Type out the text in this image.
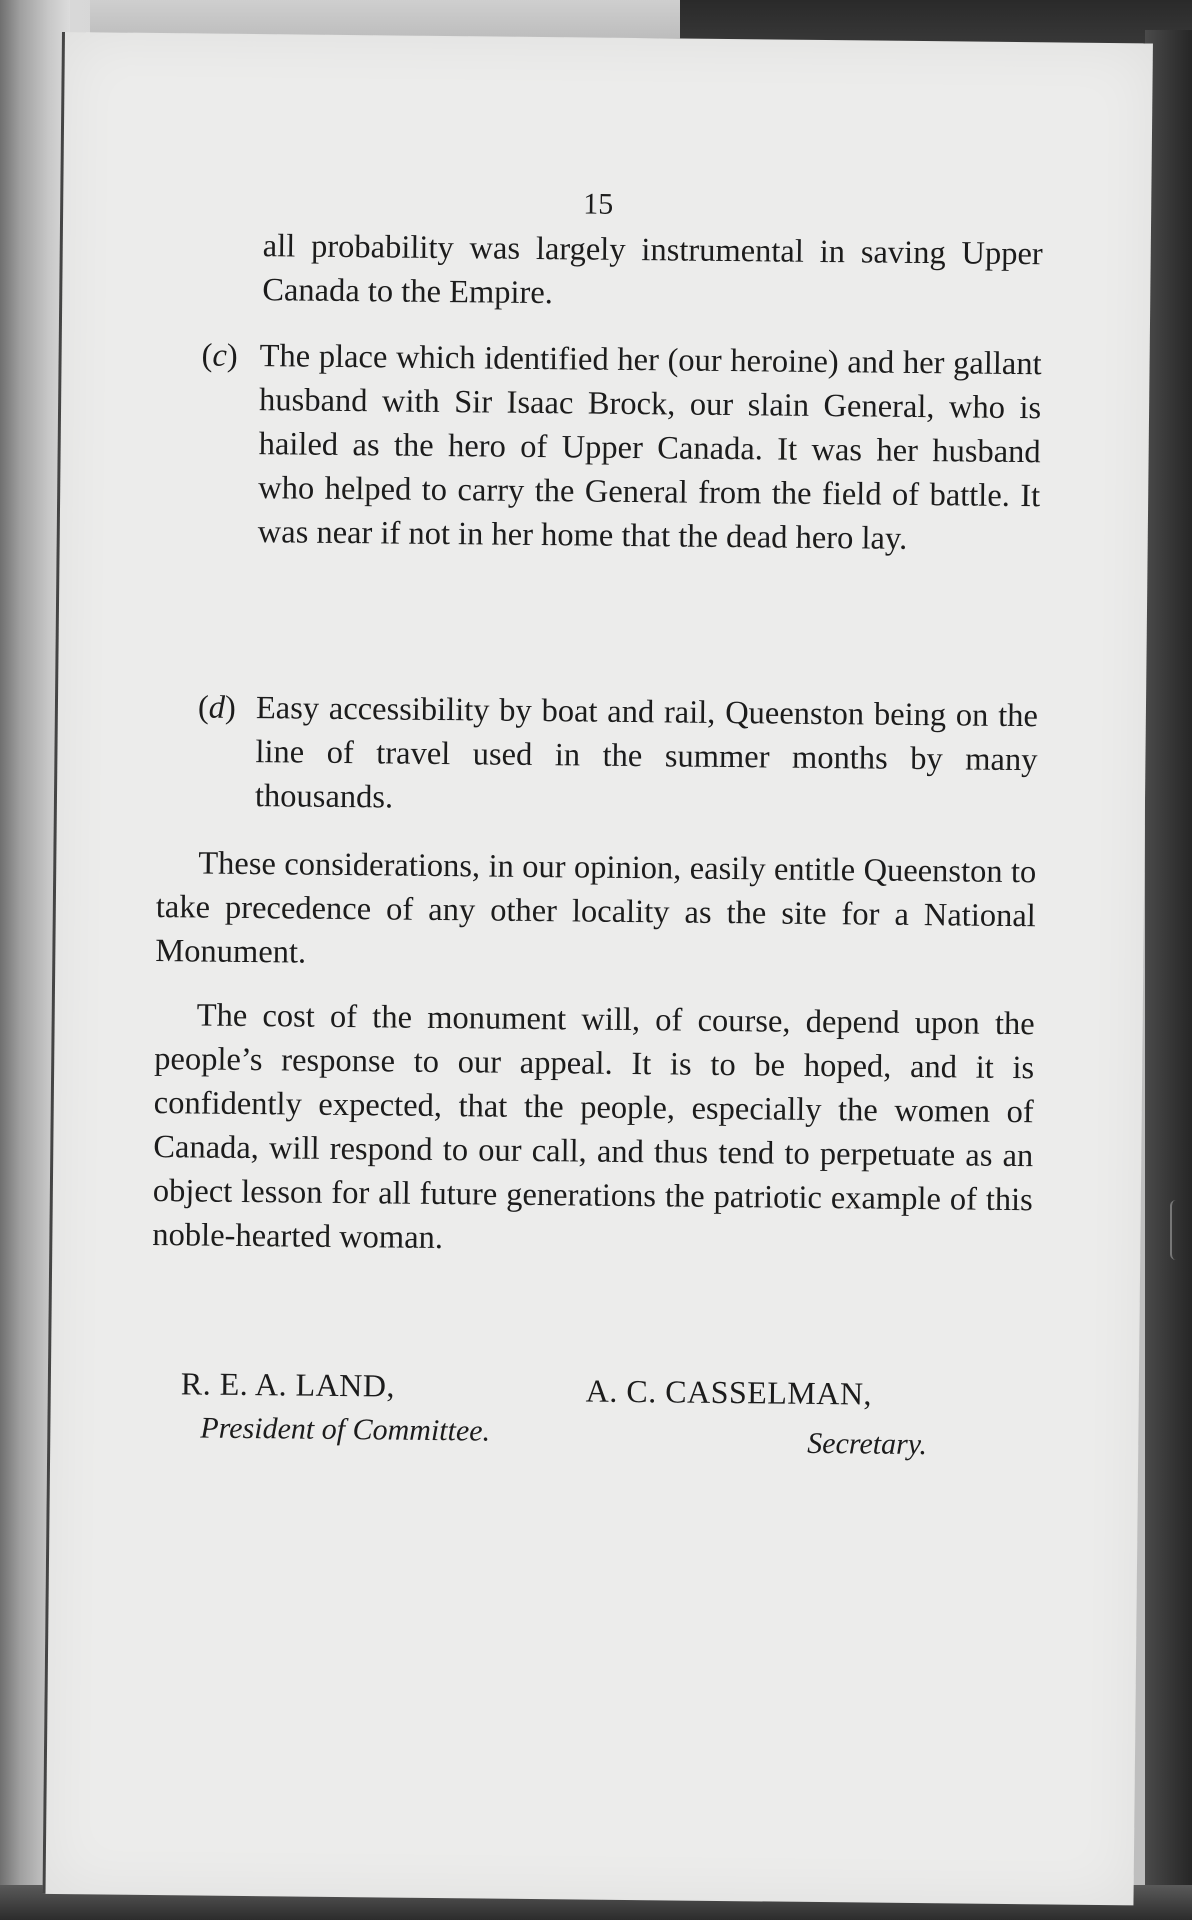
15

all probability was largely instrumental in saving Upper Canada to the Empire.

(c) The place which identified her (our heroine) and her gallant husband with Sir Isaac Brock, our slain General, who is hailed as the hero of Upper Canada. It was her husband who helped to carry the General from the field of battle. It was near if not in her home that the dead hero lay.
(d) Easy accessibility by boat and rail, Queenston being on the line of travel used in the summer months by many thousands.

These considerations, in our opinion, easily entitle Queenston to take precedence of any other locality as the site for a National Monument.

The cost of the monument will, of course, depend upon the people’s response to our appeal. It is to be hoped, and it is confidently expected, that the people, especially the women of Canada, will respond to our call, and thus tend to perpetuate as an object lesson for all future generations the patriotic example of this noble-hearted woman.

R. E. A. LAND,
President of Committee.
A. C. CASSELMAN,
Secretary.
